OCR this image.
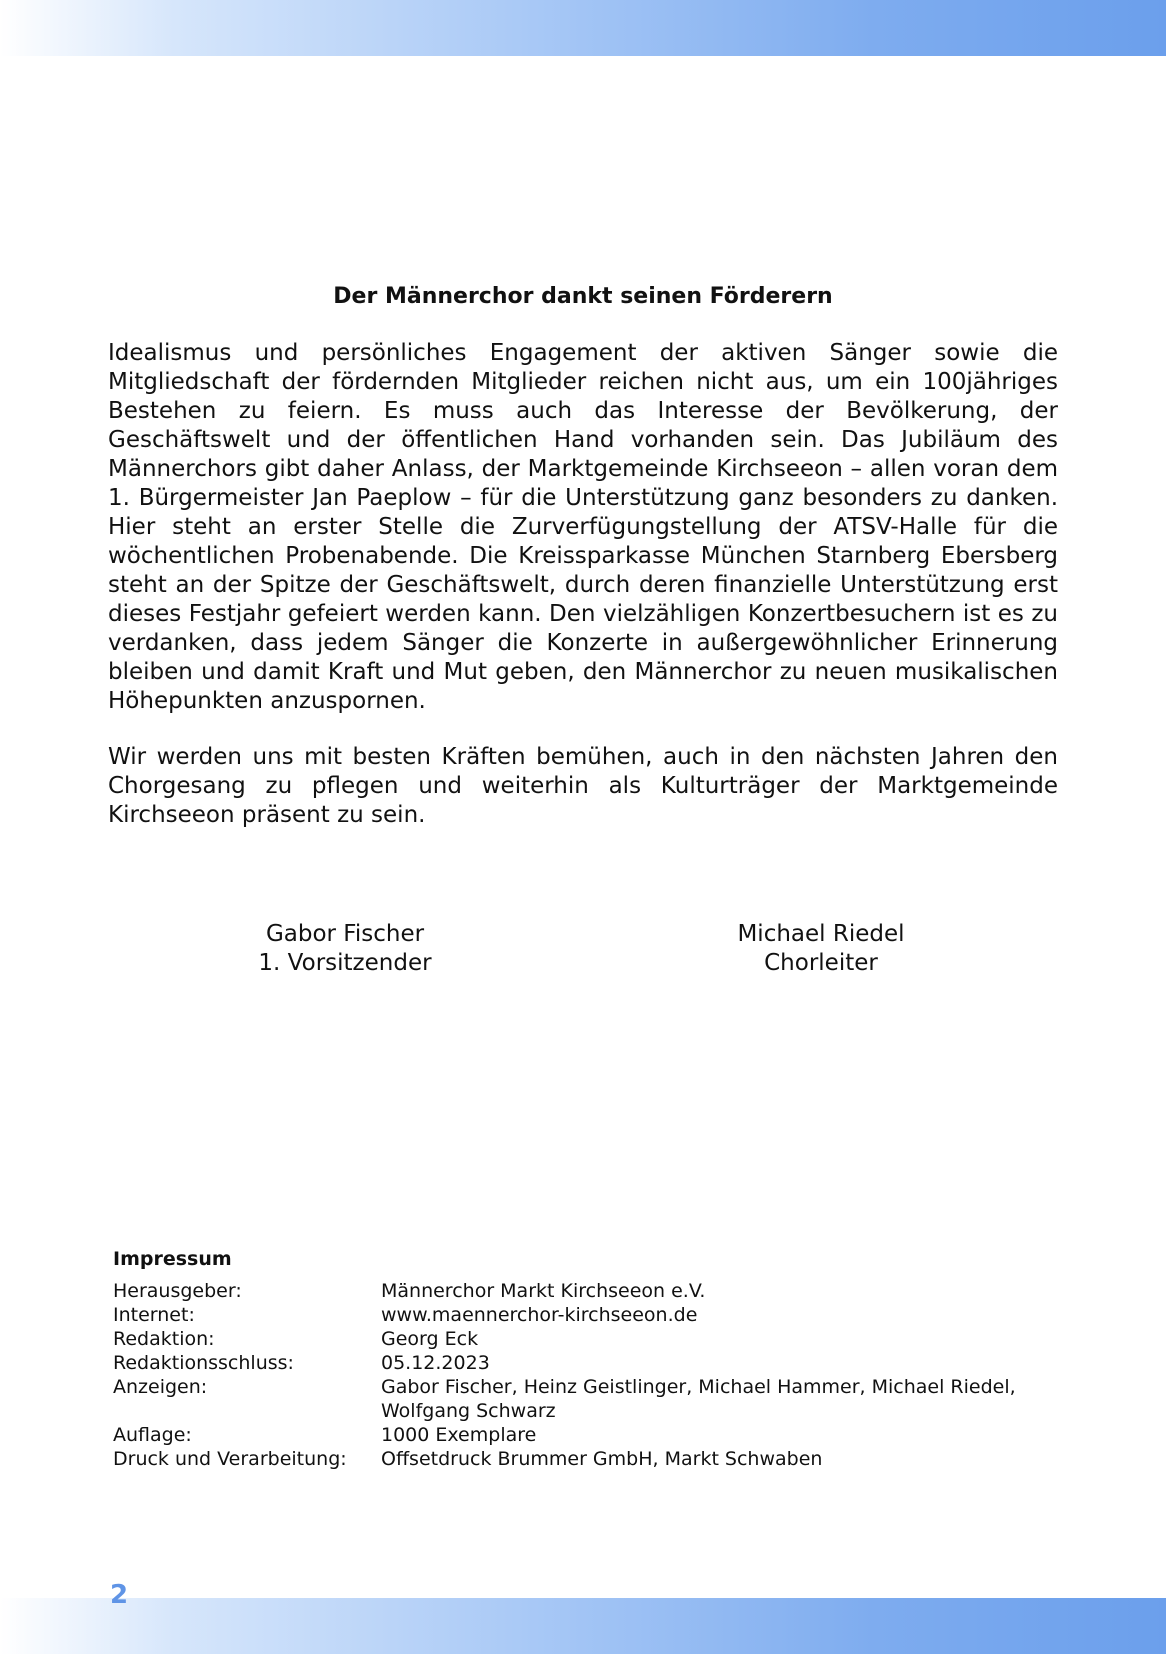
Der Männerchor dankt seinen Förderern

Idealismus und persönliches Engagement der aktiven Sänger sowie die Mitgliedschaft der fördernden Mitglieder reichen nicht aus, um ein 100jähriges Bestehen zu feiern. Es muss auch das Interesse der Bevölkerung, der Geschäftswelt und der öffentlichen Hand vorhanden sein. Das Jubiläum des Männerchors gibt daher Anlass, der Marktgemeinde Kirchseeon – allen voran dem 1. Bürgermeister Jan Paeplow – für die Unterstützung ganz besonders zu danken. Hier steht an erster Stelle die Zurverfügungstellung der ATSV-Halle für die wöchentlichen Probenabende. Die Kreissparkasse München Starnberg Ebersberg steht an der Spitze der Geschäftswelt, durch deren finanzielle Unterstützung erst dieses Festjahr gefeiert werden kann. Den vielzähligen Konzertbesuchern ist es zu verdanken, dass jedem Sänger die Konzerte in außergewöhnlicher Erinnerung bleiben und damit Kraft und Mut geben, den Männerchor zu neuen musikalischen Höhepunkten anzuspornen.

Wir werden uns mit besten Kräften bemühen, auch in den nächsten Jahren den Chorgesang zu pflegen und weiterhin als Kulturträger der Marktgemeinde Kirchseeon präsent zu sein.

Gabor Fischer
1. Vorsitzender
Michael Riedel
Chorleiter
Impressum
Herausgeber:	Männerchor Markt Kirchseeon e.V.
Internet:	www.maennerchor-kirchseeon.de
Redaktion:	Georg Eck
Redaktionsschluss:	05.12.2023
Anzeigen:	Gabor Fischer, Heinz Geistlinger, Michael Hammer, Michael Riedel, Wolfgang Schwarz
Auflage:	1000 Exemplare
Druck und Verarbeitung:	Offsetdruck Brummer GmbH, Markt Schwaben
2
